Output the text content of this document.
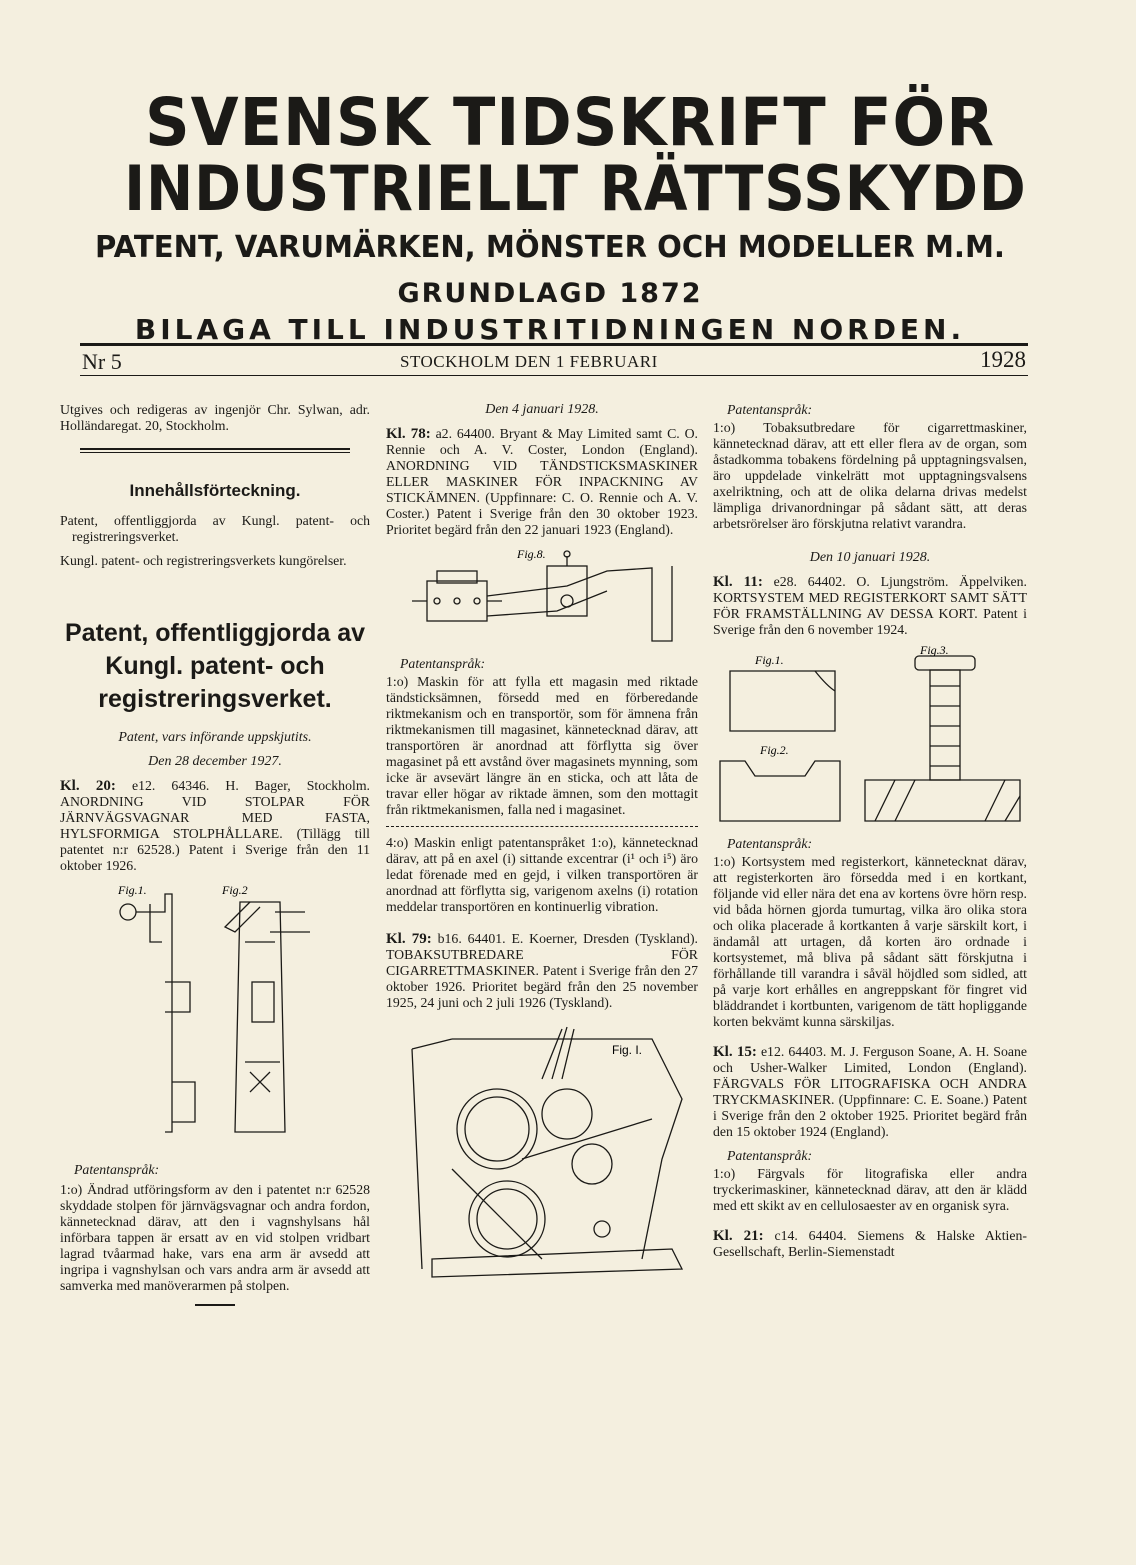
SVENSK TIDSKRIFT FÖR
INDUSTRIELLT RÄTTSSKYDD
PATENT, VARUMÄRKEN, MÖNSTER OCH MODELLER M.M.
GRUNDLAGD 1872
BILAGA TILL INDUSTRITIDNINGEN NORDEN.
Nr 5	STOCKHOLM DEN 1 FEBRUARI	1928

Utgives och redigeras av ingenjör Chr. Sylwan, adr. Holländaregat. 20, Stockholm.

Innehållsförteckning.

Patent, offentliggjorda av Kungl. patent- och registreringsverket.

Kungl. patent- och registreringsverkets kungörelser.

Patent, offentliggjorda av Kungl. patent- och registreringsverket.
Patent, vars införande uppskjutits.
Den 28 december 1927.

Kl. 20: e12. 64346. H. Bager, Stockholm. ANORDNING VID STOLPAR FÖR JÄRNVÄGSVAGNAR MED FASTA, HYLSFORMIGA STOLPHÅLLARE. (Tillägg till patentet n:r 62528.) Patent i Sverige från den 11 oktober 1926.

Fig.1.	Fig.2
Patentanspråk:

1:o) Ändrad utföringsform av den i patentet n:r 62528 skyddade stolpen för järnvägsvagnar och andra fordon, kännetecknad därav, att den i vagnshylsans hål införbara tappen är ersatt av en vid stolpen vridbart lagrad tvåarmad hake, vars ena arm är avsedd att ingripa i vagnshylsan och vars andra arm är avsedd att samverka med manöverarmen på stolpen.

Den 4 januari 1928.

Kl. 78: a2. 64400. Bryant & May Limited samt C. O. Rennie och A. V. Coster, London (England). ANORDNING VID TÄNDSTICKSMASKINER ELLER MASKINER FÖR INPACKNING AV STICKÄMNEN. (Uppfinnare: C. O. Rennie och A. V. Coster.) Patent i Sverige från den 30 oktober 1923. Prioritet begärd från den 22 januari 1923 (England).

Fig.8.
Patentanspråk:

1:o) Maskin för att fylla ett magasin med riktade tändsticksämnen, försedd med en förberedande riktmekanism och en transportör, som för ämnena från riktmekanismen till magasinet, kännetecknad därav, att transportören är anordnad att förflytta sig över magasinet på ett avstånd över magasinets mynning, som icke är avsevärt längre än en sticka, och att låta de travar eller högar av riktade ämnen, som den mottagit från riktmekanismen, falla ned i magasinet.

4:o) Maskin enligt patentanspråket 1:o), kännetecknad därav, att på en axel (i) sittande excentrar (i¹ och i⁵) äro ledat förenade med en gejd, i vilken transportören är anordnad att förflytta sig, varigenom axelns (i) rotation meddelar transportören en kontinuerlig vibration.

Kl. 79: b16. 64401. E. Koerner, Dresden (Tyskland). TOBAKSUTBREDARE FÖR CIGARRETTMASKINER. Patent i Sverige från den 27 oktober 1926. Prioritet begärd från den 25 november 1925, 24 juni och 2 juli 1926 (Tyskland).

Fig. I.
Patentanspråk:

1:o) Tobaksutbredare för cigarrettmaskiner, kännetecknad därav, att ett eller flera av de organ, som åstadkomma tobakens fördelning på upptagningsvalsen, äro uppdelade vinkelrätt mot upptagningsvalsens axelriktning, och att de olika delarna drivas medelst lämpliga drivanordningar på sådant sätt, att deras arbetsrörelser äro förskjutna relativt varandra.

Den 10 januari 1928.

Kl. 11: e28. 64402. O. Ljungström. Äppelviken. KORTSYSTEM MED REGISTERKORT SAMT SÄTT FÖR FRAMSTÄLLNING AV DESSA KORT. Patent i Sverige från den 6 november 1924.

Fig.1.
Fig.2.
Fig.3.
Patentanspråk:

1:o) Kortsystem med registerkort, kännetecknat därav, att registerkorten äro försedda med i en kortkant, följande vid eller nära det ena av kortens övre hörn resp. vid båda hörnen gjorda tumurtag, vilka äro olika stora och olika placerade å kortkanten å varje särskilt kort, i ändamål att urtagen, då korten äro ordnade i kortsystemet, må bliva på sådant sätt förskjutna i förhållande till varandra i såväl höjdled som sidled, att på varje kort erhålles en angreppskant för fingret vid bläddrandet i kortbunten, varigenom de tätt hopliggande korten bekvämt kunna särskiljas.

Kl. 15: e12. 64403. M. J. Ferguson Soane, A. H. Soane och Usher-Walker Limited, London (England). FÄRGVALS FÖR LITOGRAFISKA OCH ANDRA TRYCKMASKINER. (Uppfinnare: C. E. Soane.) Patent i Sverige från den 2 oktober 1925. Prioritet begärd från den 15 oktober 1924 (England).

Patentanspråk:

1:o) Färgvals för litografiska eller andra tryckerimaskiner, kännetecknad därav, att den är klädd med ett skikt av en cellulosaester av en organisk syra.

Kl. 21: c14. 64404. Siemens & Halske Aktien-Gesellschaft, Berlin-Siemenstadt
